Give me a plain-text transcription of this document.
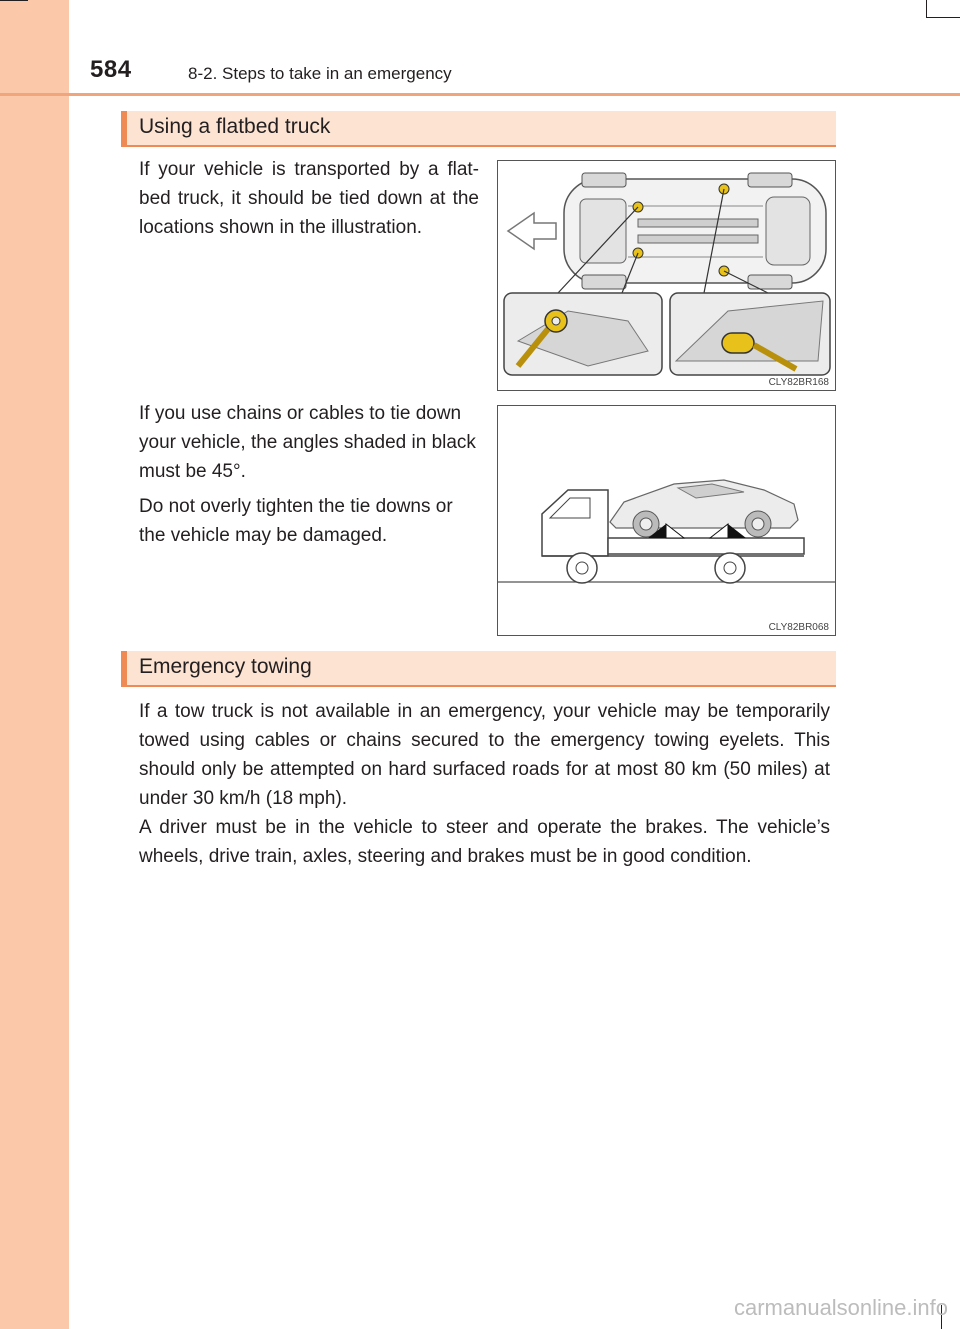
584	8-2. Steps to take in an emergency
Using a flatbed truck

If your vehicle is transported by a flat-bed truck, it should be tied down at the locations shown in the illustration.

CLY82BR168

If you use chains or cables to tie down your vehicle, the angles shaded in black must be 45°.

Do not overly tighten the tie downs or the vehicle may be damaged.

CLY82BR068
Emergency towing

If a tow truck is not available in an emergency, your vehicle may be temporarily towed using cables or chains secured to the emergency towing eyelets. This should only be attempted on hard surfaced roads for at most 80 km (50 miles) at under 30 km/h (18 mph).

A driver must be in the vehicle to steer and operate the brakes. The vehicle’s wheels, drive train, axles, steering and brakes must be in good condition.

carmanualsonline.info
